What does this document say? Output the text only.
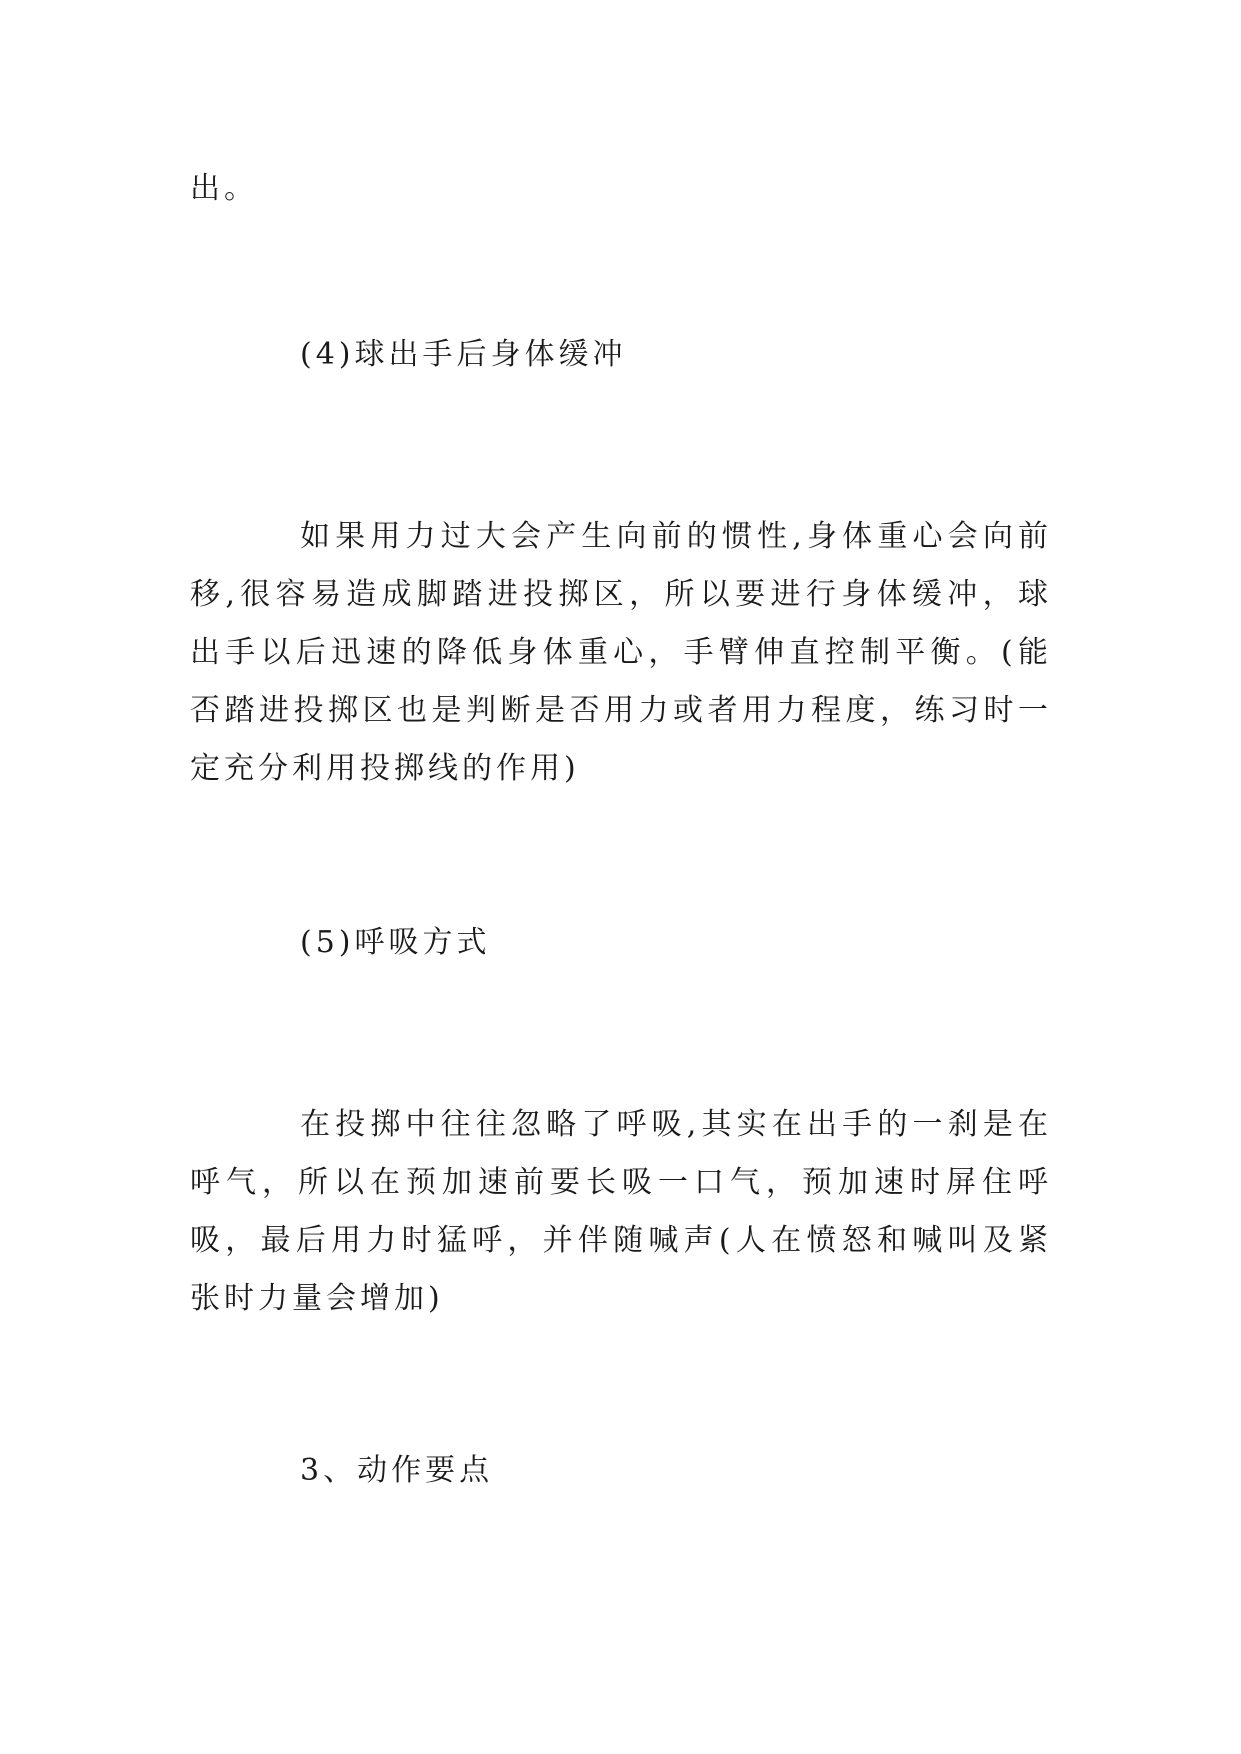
出。

(4)球出手后身体缓冲

如果用力过大会产生向前的惯性,身体重心会向前移,很容易造成脚踏进投掷区，所以要进行身体缓冲，球出手以后迅速的降低身体重心，手臂伸直控制平衡。(能否踏进投掷区也是判断是否用力或者用力程度，练习时一定充分利用投掷线的作用)

(5)呼吸方式

在投掷中往往忽略了呼吸,其实在出手的一刹是在呼气，所以在预加速前要长吸一口气，预加速时屏住呼吸，最后用力时猛呼，并伴随喊声(人在愤怒和喊叫及紧张时力量会增加)

3、动作要点
